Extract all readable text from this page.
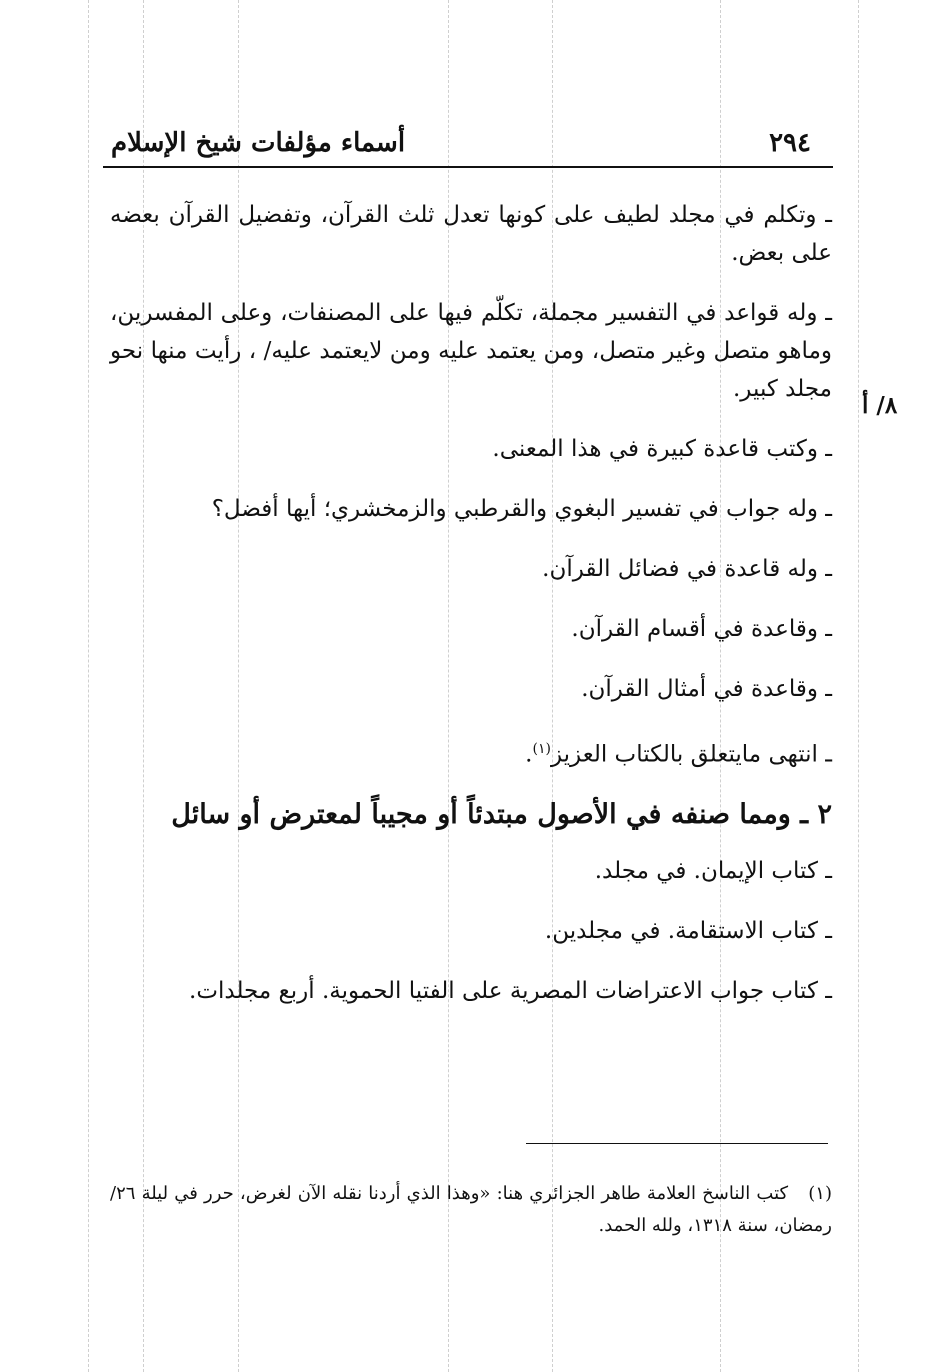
٢٩٤
أسماء مؤلفات شيخ الإسلام
٨/ أ

ـ وتكلم في مجلد لطيف على كونها تعدل ثلث القرآن، وتفضيل القرآن بعضه على بعض.

ـ وله قواعد في التفسير مجملة، تكلّم فيها على المصنفات، وعلى المفسرين، وماهو متصل وغير متصل، ومن يعتمد عليه ومن لايعتمد عليه/ ، رأيت منها نحو مجلد كبير.

ـ وكتب قاعدة كبيرة في هذا المعنى.

ـ وله جواب في تفسير البغوي والقرطبي والزمخشري؛ أيها أفضل؟

ـ وله قاعدة في فضائل القرآن.

ـ وقاعدة في أقسام القرآن.

ـ وقاعدة في أمثال القرآن.

ـ انتهى مايتعلق بالكتاب العزيز$^{(١)}$.

٢ ـ ومما صنفه في الأصول مبتدئاً أو مجيباً لمعترض أو سائل

ـ كتاب الإيمان. في مجلد.

ـ كتاب الاستقامة. في مجلدين.

ـ كتاب جواب الاعتراضات المصرية على الفتيا الحموية. أربع مجلدات.

(١) كتب الناسخ العلامة طاهر الجزائري هنا: «وهذا الذي أردنا نقله الآن لغرض، حرر في ليلة ٢٦/رمضان، سنة ١٣١٨، ولله الحمد.
